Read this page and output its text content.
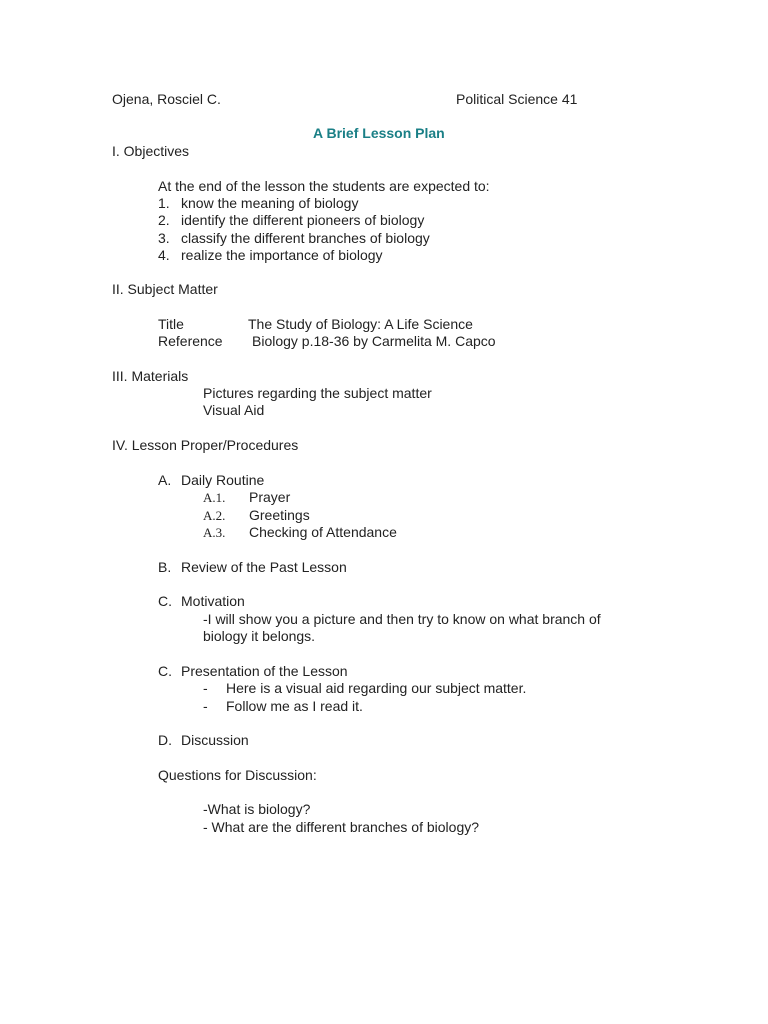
Ojena, Rosciel C.	Political Science 41
A Brief Lesson Plan
I. Objectives
At the end of the lesson the students are expected to:
1. know the meaning of biology
2. identify the different pioneers of biology
3. classify the different branches of biology
4. realize the importance of biology
II. Subject Matter
Title	The Study of Biology: A Life Science
Reference Biology p.18-36 by Carmelita M. Capco
III. Materials
Pictures regarding the subject matter
Visual Aid
IV. Lesson Proper/Procedures
A. Daily Routine
A.1. Prayer
A.2. Greetings
A.3. Checking of Attendance
B. Review of the Past Lesson
C. Motivation
-I will show you a picture and then try to know on what branch of
biology it belongs.
C. Presentation of the Lesson
- Here is a visual aid regarding our subject matter.
- Follow me as I read it.
D. Discussion
Questions for Discussion:
-What is biology?
- What are the different branches of biology?
